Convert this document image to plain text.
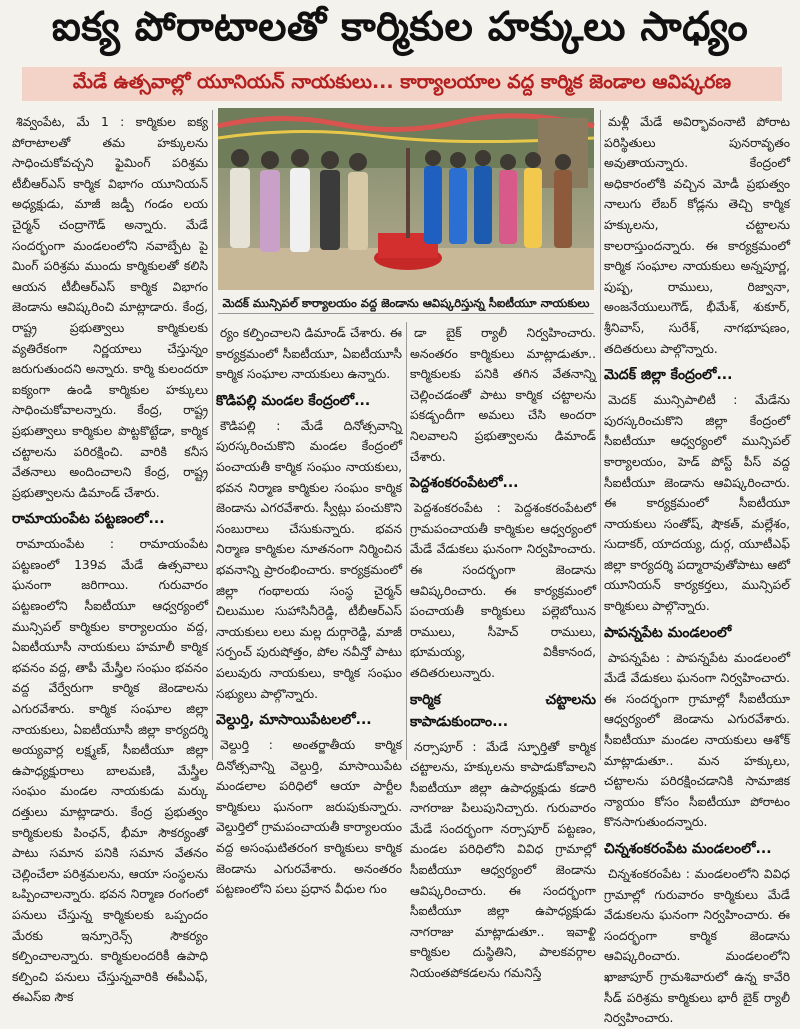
ఐక్య పోరాటాలతో కార్మికుల హక్కులు సాధ్యం
మేడే ఉత్సవాల్లో యూనియన్ నాయకులు... కార్యాలయాల వద్ద కార్మిక జెండాల ఆవిష్కరణ

శివ్వంపేట, మే 1 : కార్మికుల ఐక్య పోరాటాలతో తమ హక్కులను సాధించుకోవచ్చని ఫైమింగ్ పరిశ్రమ టీబీఆర్ఎస్ కార్మిక విభాగం యూనియన్ అధ్యక్షుడు, మాజీ జడ్పీ గండం లయ చైర్మన్ చంద్రాగౌడ్ అన్నారు. మేడే సందర్భంగా మండలంలోని నవాబ్పేట పై మింగ్ పరిశ్రమ ముందు కార్మికులతో కలిసి ఆయన టీబీఆర్ఎస్ కార్మిక విభాగం జెండాను ఆవిష్కరించి మాట్లాడారు. కేంద్ర, రాష్ట్ర ప్రభుత్వాలు కార్మికులకు వ్యతిరేకంగా నిర్ణయాలు చేస్తున్నం జరుగుతుందని అన్నారు. కార్మి కులందరూ ఐక్యంగా ఉండి కార్మికుల హక్కులు సాధించుకోవాలన్నారు. కేంద్ర, రాష్ట్ర ప్రభుత్వాలు కార్మికుల పొట్టకొట్టేడా, కార్మిక చట్టాలను పరిరక్షించి. వారికి కనీస వేతనాలు అందించాలని కేంద్ర, రాష్ట్ర ప్రభుత్వాలను డిమాండ్ చేశారు.

రామాయంపేట పట్టణంలో...

రామాయంపేట : రామాయంపేట పట్టణంలో 139వ మేడే ఉత్సవాలు ఘనంగా జరిగాయి. గురువారం పట్టణంలోని సీఐటీయూ ఆధ్వర్యంలో మున్సిపల్ కార్మికుల కార్యాలయం వద్ద, ఏఐటీయూసీ నాయకులు హమాలీ కార్మిక భవనం వద్ద, తాపీ మేస్త్రీల సంఘం భవనం వద్ద వేర్వేరుగా కార్మిక జెండాలను ఎగురవేశారు. కార్మిక సంఘాల జిల్లా నాయకులు, ఏఐటీయూసీ జిల్లా కార్యదర్శి అయ్యవార్ల లక్ష్మణ్, సీఐటీయూ జిల్లా ఉపాధ్యక్షురాలు బాలమణి, మేస్త్రీల సంఘం మండల నాయకుడు మర్కు దత్తులు మాట్లాడారు. కేంద్ర ప్రభుత్వం కార్మికులకు పింఛన్, భీమా సౌకర్యంతో పాటు సమాన పనికి సమాన వేతనం చెల్లించేలా పరిశ్రమలను, ఆయా సంస్థలను ఒప్పించాలన్నారు. భవన నిర్మాణ రంగంలో పనులు చేస్తున్న కార్మికులకు ఒప్పందం మేరకు ఇన్సూరెన్స్ సౌకర్యం కల్పించాలన్నారు. కార్మికులందరికీ ఉపాధి కల్పించి పనులు చేస్తున్నవారికి ఈపీఎఫ్, ఈఎస్ఐ సౌక

మెదక్ మున్సిపల్ కార్యాలయం వద్ద జెండాను ఆవిష్కరిస్తున్న సీఐటీయూ నాయకులు

ర్యం కల్పించాలని డిమాండ్ చేశారు. ఈ కార్యక్రమంలో సీఐటీయూ, ఏఐటీయూసీ కార్మిక సంఘాల నాయకులు ఉన్నారు.

కొడిపల్లి మండల కేంద్రంలో...

కౌడిపల్లి : మేడే దినోత్సవాన్ని పురస్కరించుకొని మండల కేంద్రంలో పంచాయతీ కార్మిక సంఘం నాయకులు, భవన నిర్మాణ కార్మికుల సంఘం కార్మిక జెండాను ఎగరవేశారు. స్వీట్లు పంచుకొని సంబురాలు చేసుకున్నారు. భవన నిర్మాణ కార్మికుల నూతనంగా నిర్మించిన భవనాన్ని ప్రారంభించారు. కార్యక్రమంలో జిల్లా గంథాలయ సంస్థ చైర్మన్ చిలుముల సుహాసినీరెడ్డి, టీబీఆర్ఎస్ నాయకులు లలు మల్ల దుర్గారెడ్డి, మాజీ సర్పంచ్ పురుషోత్తం, పోల నవీన్తో పాటు పలువురు నాయకులు, కార్మిక సంఘం సభ్యులు పాల్గొన్నారు.

వెల్దుర్తి, మాసాయిపేటలలో...

వెల్దుర్తి : అంతర్జాతీయ కార్మిక దినోత్సవాన్ని వెల్దుర్తి, మాసాయిపేట మండలాల పరిధిలో ఆయా పార్టీల కార్మికులు ఘనంగా జరుపుకున్నారు. వెల్దుర్తిలో గ్రామపంచాయతీ కార్యాలయం వద్ద అసంఘటితరంగ కార్మికులు కార్మిక జెండాను ఎగురవేశారు. అనంతరం పట్టణంలోని పలు ప్రధాన వీధుల గుం

డా బైక్ ర్యాలీ నిర్వహించారు. అనంతరం కార్మికులు మాట్లాడుతూ.. కార్మికులకు పనికి తగిన వేతనాన్ని చెల్లించడంతో పాటు కార్మిక చట్టాలను పకడ్బందీగా అమలు చేసి అందరా నిలవాలని ప్రభుత్వాలను డిమాండ్ చేశారు.

పెద్దశంకరంపేటలో...

పెద్దశంకరంపేట : పెద్దశంకరంపేటలో గ్రామపంచాయతీ కార్మికుల ఆధ్వర్యంలో మేడే వేడుకలు ఘనంగా నిర్వహించారు. ఈ సందర్భంగా జెండాను ఆవిష్కరించారు. ఈ కార్యక్రమంలో పంచాయతీ కార్మికులు పల్లెబోయిన రాములు, సీహెచ్ రాములు, భూమయ్య, వికీకానంద, తదితరులున్నారు.

కార్మిక చట్టాలను కాపాడుకుందాం...

నర్సాపూర్ : మేడే స్ఫూర్తితో కార్మిక చట్టాలను, హక్కులను కాపాడుకోవాలని సీఐటీయూ జిల్లా ఉపాధ్యక్షుడు కడారి నాగరాజు పిలుపునిచ్చారు. గురువారం మేడే సందర్భంగా నర్సాపూర్ పట్టణం, మండల పరిధిలోని వివిధ గ్రామాల్లో సీఐటీయూ ఆధ్వర్యంలో జెండాను ఆవిష్కరించారు. ఈ సందర్భంగా సీఐటీయూ జిల్లా ఉపాధ్యక్షుడు నాగరాజు మాట్లాడుతూ.. ఇవాళ్టి కార్మికుల దుస్థితిని, పాలకవర్గాల నియంతపోకడలను గమనిస్తే

మళ్లీ మేడే అవిర్భావంనాటి పోరాట పరిస్థితులు పునరావృతం అవుతాయన్నారు. కేంద్రంలో అధికారంలోకి వచ్చిన మోడీ ప్రభుత్వం నాలుగు లేబర్ కోడ్లను తెచ్చి కార్మిక హక్కులను, చట్టాలను కాలరాస్తుందన్నారు. ఈ కార్యక్రమంలో కార్మిక సంఘాల నాయకులు అన్నపూర్ణ, పుష్ప, రాములు, రిజ్వానా, అంజనేయులుగౌడ్, భీమేశ్, శుకూర్, శ్రీనివాస్, సురేశ్, నాగభూషణం, తదితరులు పాల్గొన్నారు.

మెదక్ జిల్లా కేంద్రంలో...

మెదక్ మున్సిపాలిటీ : మేడేను పురస్కరించుకొని జిల్లా కేంద్రంలో సీఐటీయూ ఆధ్వర్యంలో మున్సిపల్ కార్యాలయం, హెడ్ పోస్ట్ పీస్ వద్ద సీఐటీయూ జెండాను ఆవిష్కరించారు. ఈ కార్యక్రమంలో సీఐటీయూ నాయకులు సంతోష్, షౌకత్, మల్లేశం, సుదాకర్, యాదయ్య, దుర్గ, యూటీఎఫ్ జిల్లా కార్యదర్శి పద్మారావుతోపాటు ఆటో యూనియన్ కార్యకర్తలు, మున్సిపల్ కార్మికులు పాల్గొన్నారు.

పాపన్నపేట మండలంలో

పాపన్నపేట : పాపన్నపేట మండలంలో మేడే వేడుకలు ఘనంగా నిర్వహించారు. ఈ సందర్భంగా గ్రామాల్లో సీఐటీయూ ఆధ్వర్యంలో జెండాను ఎగురవేశారు. సీఐటీయూ మండల నాయకులు ఆశోక్ మాట్లాడుతూ.. మన హక్కులు, చట్టాలను పరిరక్షించడానికి సామాజిక న్యాయం కోసం సీఐటీయూ పోరాటం కొనసాగుతుందన్నారు.

చిన్నశంకరంపేట మండలంలో...

చిన్నశంకరంపేట : మండలంలోని వివిధ గ్రామాల్లో గురువారం కార్మికులు మేడే వేడుకలను ఘనంగా నిర్వహించారు. ఈ సందర్భంగా కార్మిక జెండాను ఆవిష్కరించారు. మండలంలోని ఖాజాపూర్ గ్రామశివారులో ఉన్న కావేరి సీడ్ పరిశ్రమ కార్మికులు భారీ బైక్ ర్యాలీ నిర్వహించారు.
